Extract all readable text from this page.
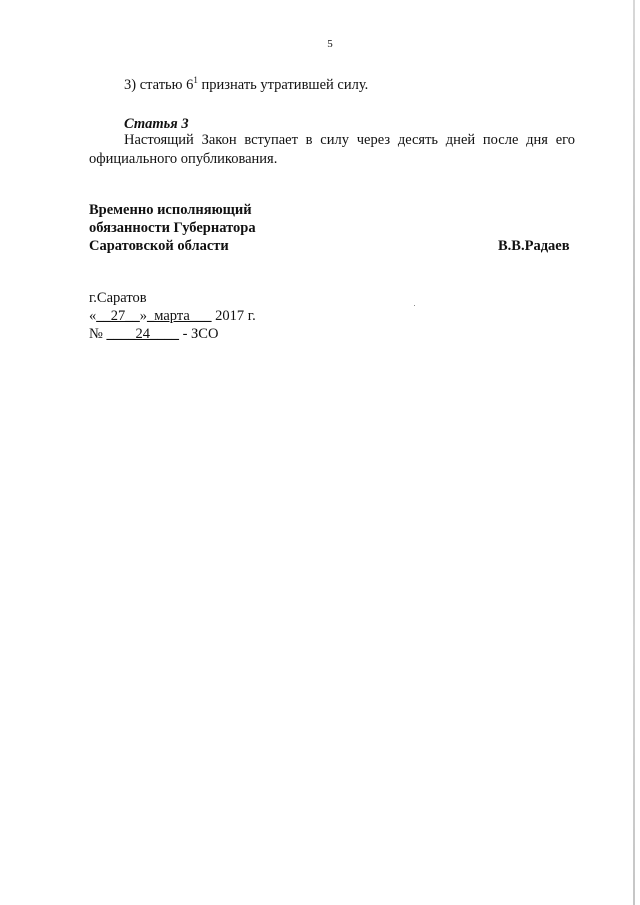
5
3) статью $6^1$ признать утратившей силу.
Статья 3
Настоящий Закон вступает в силу через десять дней после дня его
официального опубликования.
Временно исполняющий
обязанности Губернатора
Саратовской области	В.В.Радаев
г.Саратов
«__27__»_марта___ 2017 г.
№ ____24____ - ЗСО
